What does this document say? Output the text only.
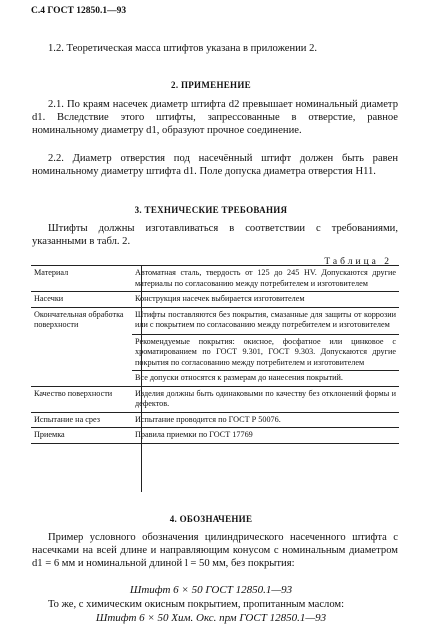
С.4 ГОСТ 12850.1—93
1.2. Теоретическая масса штифтов указана в приложении 2.
2. ПРИМЕНЕНИЕ
2.1. По краям насечек диаметр штифта d2 превышает номинальный диаметр d1. Вследствие этого штифты, запрессованные в отверстие, равное номинальному диаметру d1, образуют прочное соединение.
2.2. Диаметр отверстия под насечённый штифт должен быть равен номинальному диаметру штифта d1. Поле допуска диаметра отверстия H11.
3. ТЕХНИЧЕСКИЕ ТРЕБОВАНИЯ
Штифты должны изготавливаться в соответствии с требованиями, указанными в табл. 2.
Таблица 2
Материал	Автоматная сталь, твердость от 125 до 245 HV. Допускаются другие материалы по согласованию между потребителем и изготовителем
Насечки	Конструкция насечек выбирается изготовителем
Окончательная обработка поверхности	Штифты поставляются без покрытия, смазанные для защиты от коррозии или с покрытием по согласованию между потребителем и изготовителем
Рекомендуемые покрытия: окисное, фосфатное или цинковое с хроматированием по ГОСТ 9.301, ГОСТ 9.303. Допускаются другие покрытия по согласованию между потребителем и изготовителем
Все допуски относятся к размерам до нанесения покрытий.

Качество поверхности	Изделия должны быть одинаковыми по качеству без отклонений формы и дефектов.
Испытание на срез	Испытание проводится по ГОСТ Р 50076.
Приемка	Правила приемки по ГОСТ 17769
4. ОБОЗНАЧЕНИЕ
Пример условного обозначения цилиндрического насеченного штифта с насечками на всей длине и направляющим конусом с номинальным диаметром d1 = 6 мм и номинальной длиной l = 50 мм, без покрытия:
Штифт 6 × 50 ГОСТ 12850.1—93
То же, с химическим окисным покрытием, пропитанным маслом:
Штифт 6 × 50 Хим. Окс. прм ГОСТ 12850.1—93
